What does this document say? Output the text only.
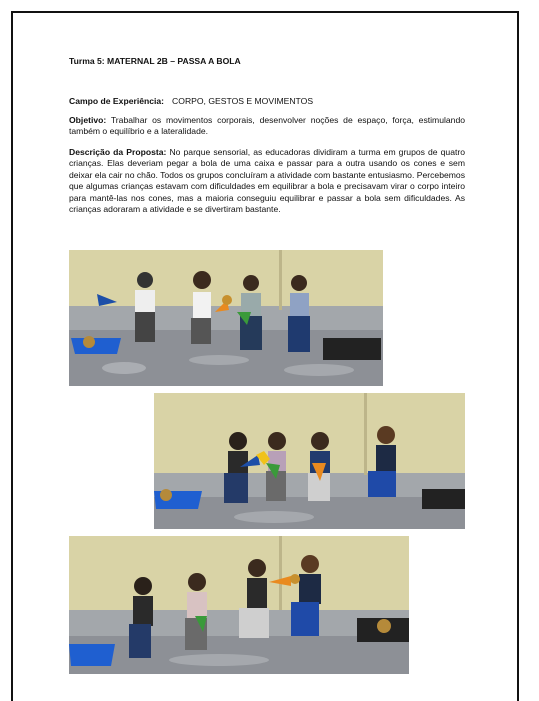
Turma 5: MATERNAL 2B – PASSA A BOLA
Campo de Experiência: CORPO, GESTOS E MOVIMENTOS
Objetivo: Trabalhar os movimentos corporais, desenvolver noções de espaço, força, estimulando também o equilíbrio e a lateralidade.
Descrição da Proposta: No parque sensorial, as educadoras dividiram a turma em grupos de quatro crianças. Elas deveriam pegar a bola de uma caixa e passar para a outra usando os cones e sem deixar ela cair no chão. Todos os grupos concluíram a atividade com bastante entusiasmo. Percebemos que algumas crianças estavam com dificuldades em equilibrar a bola e precisavam virar o corpo inteiro para mantê-las nos cones, mas a maioria conseguiu equilibrar e passar a bola sem dificuldades. As crianças adoraram a atividade e se divertiram bastante.
